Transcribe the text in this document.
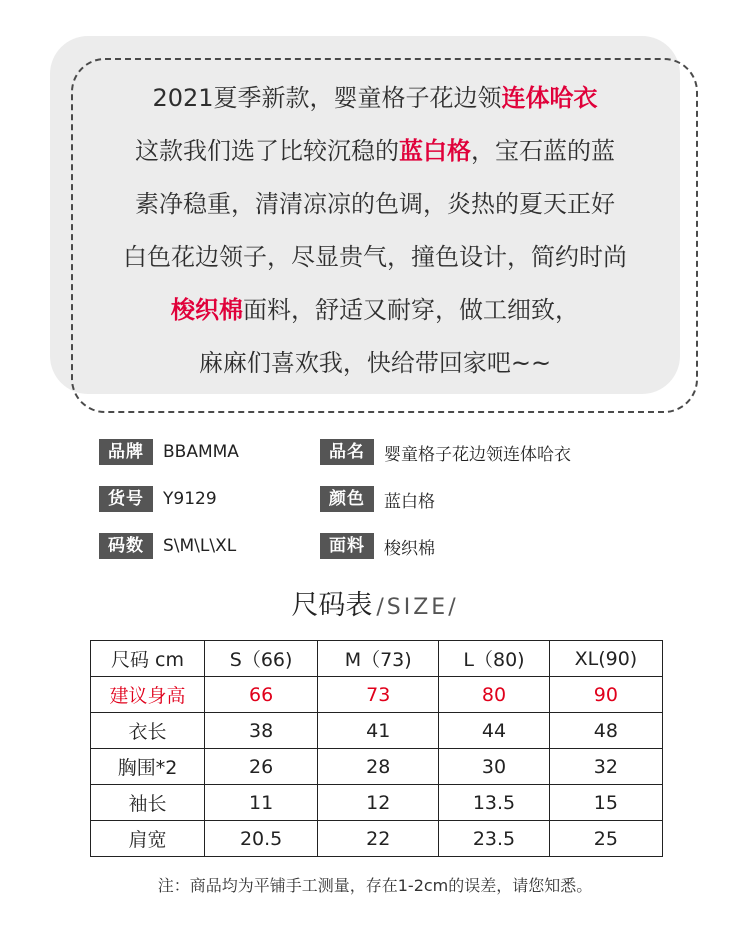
2021夏季新款，婴童格子花边领连体哈衣
这款我们选了比较沉稳的蓝白格，宝石蓝的蓝
素净稳重，清清凉凉的色调，炎热的夏天正好
白色花边领子，尽显贵气，撞色设计，简约时尚
梭织棉面料，舒适又耐穿，做工细致，
麻麻们喜欢我，快给带回家吧~~
品牌	BBAMMA	品名	婴童格子花边领连体哈衣
货号	Y9129	颜色	蓝白格
码数	S\M\L\XL	面料	梭织棉
尺码表 /SIZE/
尺码 cm	S（66)	M（73)	L（80)	XL(90)
建议身高	66	73	80	90
衣长	38	41	44	48
胸围*2	26	28	30	32
袖长	11	12	13.5	15
肩宽	20.5	22	23.5	25
注：商品均为平铺手工测量，存在1-2cm的误差，请您知悉。
